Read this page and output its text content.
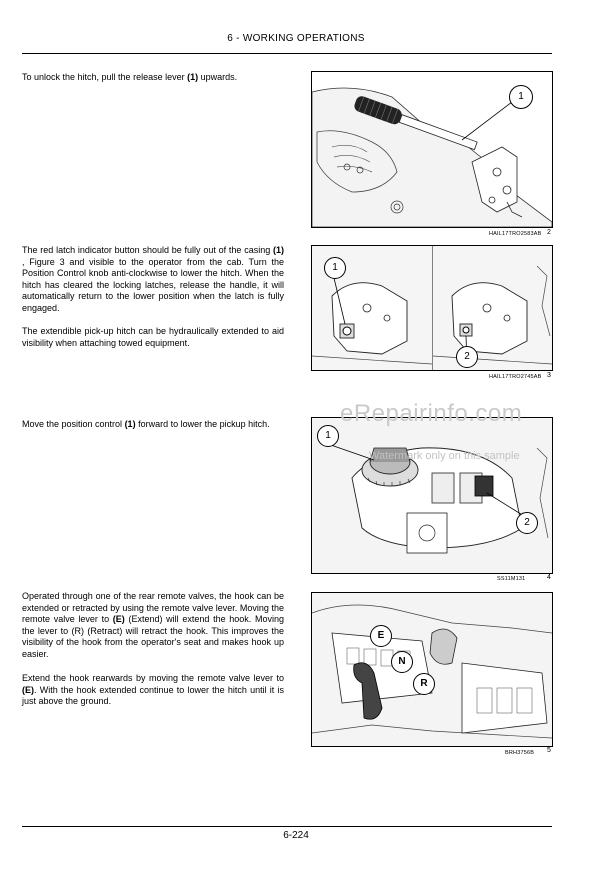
6 - WORKING OPERATIONS

To unlock the hitch, pull the release lever (1) upwards.

1
HAIL17TRO2583AB 2

The red latch indicator button should be fully out of the casing (1) , Figure 3 and visible to the operator from the cab. Turn the Position Control knob anti-clockwise to lower the hitch. When the hitch has cleared the locking latches, release the handle, it will automatically return to the lower position when the latch is fully engaged.

The extendible pick-up hitch can be hydraulically extended to aid visibility when attaching towed equipment.

1
2
HAIL17TRO2745AB 3

Move the position control (1) forward to lower the pickup hitch.

1
2
SS11M131	4

Operated through one of the rear remote valves, the hook can be extended or retracted by using the remote valve lever. Moving the remote valve lever to (E) (Extend) will extend the hook. Moving the lever to (R) (Retract) will retract the hook. This improves the visibility of the hook from the operator's seat and makes hook up easier.

Extend the hook rearwards by moving the remote valve lever to (E). With the hook extended continue to lower the hitch until it is just above the ground.

E
N
R
BRH3756B 5
eRepairinfo.com
Watermark only on this sample
6-224
